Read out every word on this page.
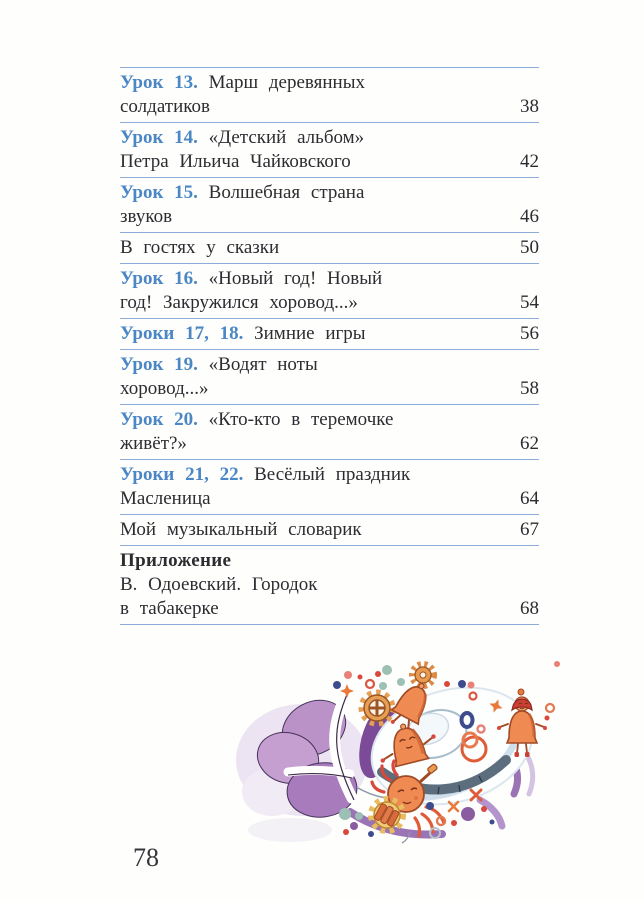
Урок 13. Марш деревянных
солдатиков	38
Урок 14. «Детский альбом»
Петра Ильича Чайковского	42
Урок 15. Волшебная страна
звуков	46
В гостях у сказки	50
Урок 16. «Новый год! Новый
год! Закружился хоровод...»	54
Уроки 17, 18. Зимние игры	56
Урок 19. «Водят ноты
хоровод...»	58
Урок 20. «Кто-кто в теремочке
живёт?»	62
Уроки 21, 22. Весёлый праздник
Масленица	64
Мой музыкальный словарик	67
Приложение
В. Одоевский. Городок
в табакерке	68
78
